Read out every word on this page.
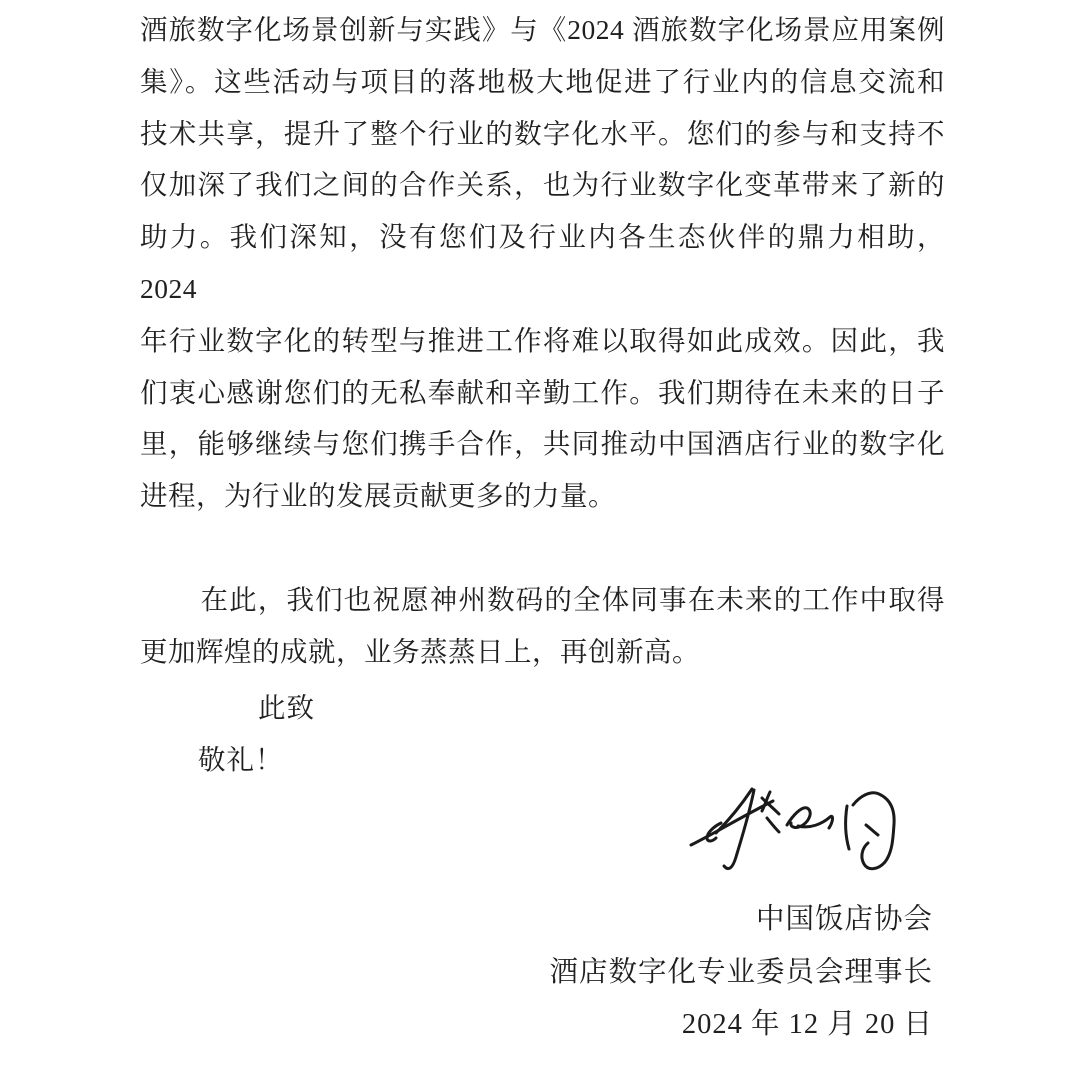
酒旅数字化场景创新与实践》与《2024 酒旅数字化场景应用案例
集》。这些活动与项目的落地极大地促进了行业内的信息交流和
技术共享，提升了整个行业的数字化水平。您们的参与和支持不
仅加深了我们之间的合作关系，也为行业数字化变革带来了新的
助力。我们深知，没有您们及行业内各生态伙伴的鼎力相助，2024
年行业数字化的转型与推进工作将难以取得如此成效。因此，我
们衷心感谢您们的无私奉献和辛勤工作。我们期待在未来的日子
里，能够继续与您们携手合作，共同推动中国酒店行业的数字化
进程，为行业的发展贡献更多的力量。
在此，我们也祝愿神州数码的全体同事在未来的工作中取得
更加辉煌的成就，业务蒸蒸日上，再创新高。
此致
敬礼！
中国饭店协会
酒店数字化专业委员会理事长
2024 年 12 月 20 日
